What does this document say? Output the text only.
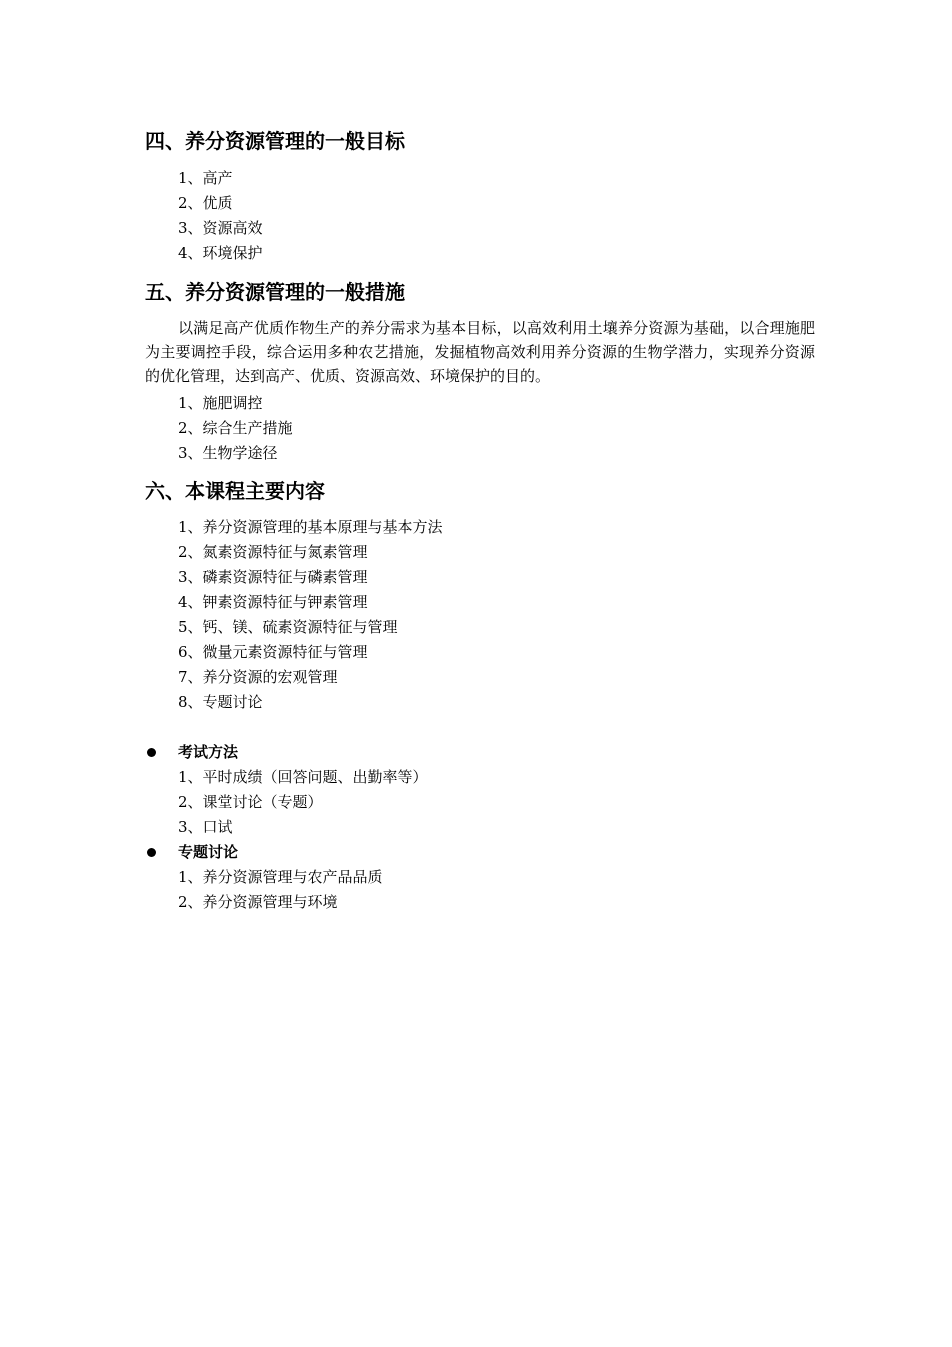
四、养分资源管理的一般目标
1、高产
2、优质
3、资源高效
4、环境保护
五、养分资源管理的一般措施

以满足高产优质作物生产的养分需求为基本目标，以高效利用土壤养分资源为基础，以合理施肥为主要调控手段，综合运用多种农艺措施，发掘植物高效利用养分资源的生物学潜力，实现养分资源的优化管理，达到高产、优质、资源高效、环境保护的目的。

1、施肥调控
2、综合生产措施
3、生物学途径
六、本课程主要内容
1、养分资源管理的基本原理与基本方法
2、氮素资源特征与氮素管理
3、磷素资源特征与磷素管理
4、钾素资源特征与钾素管理
5、钙、镁、硫素资源特征与管理
6、微量元素资源特征与管理
7、养分资源的宏观管理
8、专题讨论
考试方法
1、平时成绩（回答问题、出勤率等）
2、课堂讨论（专题）
3、口试
专题讨论
1、养分资源管理与农产品品质
2、养分资源管理与环境
